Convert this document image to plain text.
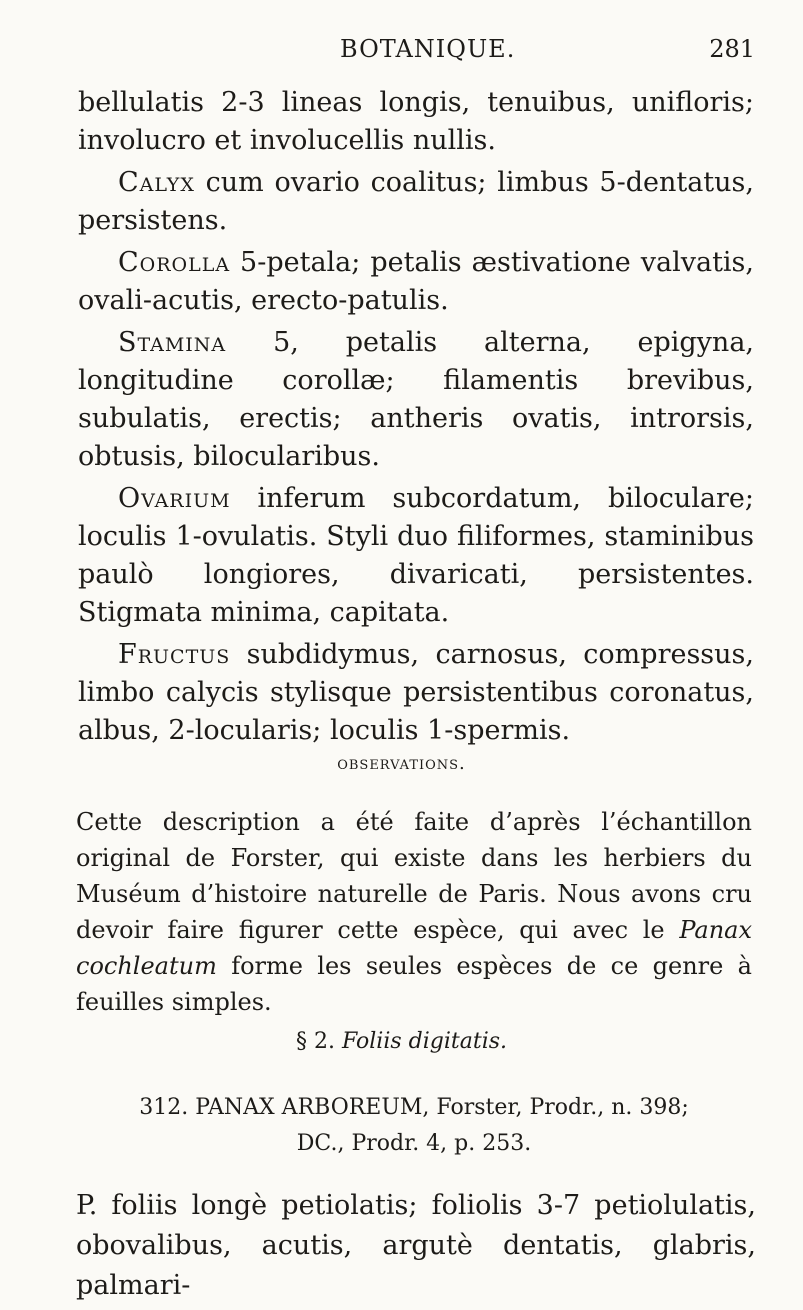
BOTANIQUE.	281

bellulatis 2-3 lineas longis, tenuibus, unifloris; involucro et involucellis nullis.

Calyx cum ovario coalitus; limbus 5-dentatus, persistens.

Corolla 5-petala; petalis æstivatione valvatis, ovali-acutis, erecto-patulis.

Stamina 5, petalis alterna, epigyna, longitudine corollæ; filamentis brevibus, subulatis, erectis; antheris ovatis, introrsis, obtusis, bilocularibus.

Ovarium inferum subcordatum, biloculare; loculis 1-ovulatis. Styli duo filiformes, staminibus paulò longiores, divaricati, persistentes. Stigmata minima, capitata.

Fructus subdidymus, carnosus, compressus, limbo calycis stylisque persistentibus coronatus, albus, 2-locularis; loculis 1-spermis.

observations.
Cette description a été faite d’après l’échantillon original de Forster, qui existe dans les herbiers du Muséum d’histoire naturelle de Paris. Nous avons cru devoir faire figurer cette espèce, qui avec le Panax cochleatum forme les seules espèces de ce genre à feuilles simples.
§ 2. Foliis digitatis.
312. PANAX ARBOREUM, Forster, Prodr., n. 398;
DC., Prodr. 4, p. 253.
P. foliis longè petiolatis; foliolis 3-7 petiolulatis, obovalibus, acutis, argutè dentatis, glabris, palmari-
